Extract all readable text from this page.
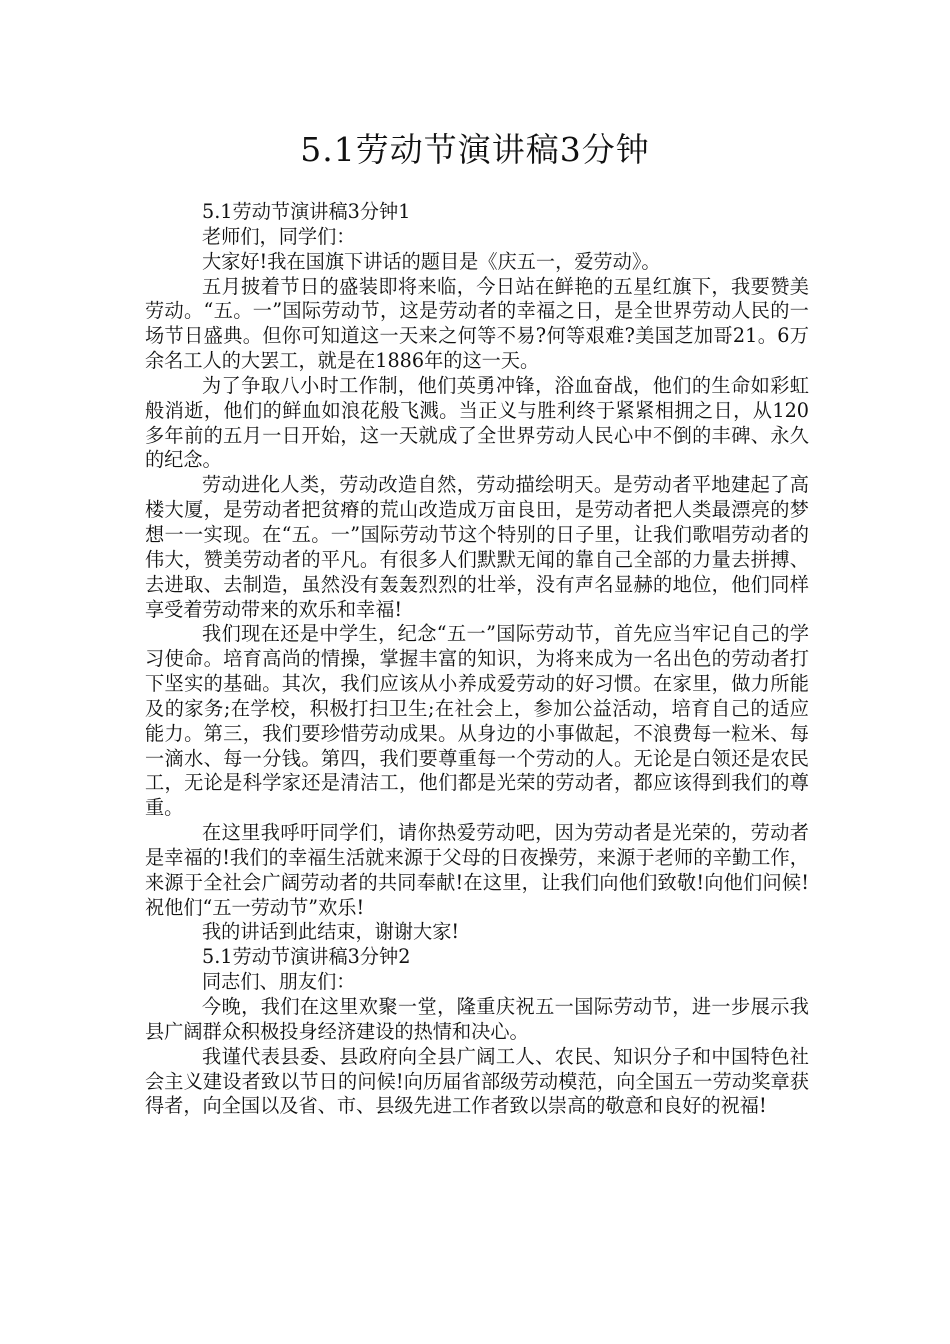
5.1劳动节演讲稿3分钟

5.1劳动节演讲稿3分钟1

老师们，同学们：

大家好!我在国旗下讲话的题目是《庆五一，爱劳动》。

五月披着节日的盛装即将来临，今日站在鲜艳的五星红旗下，我要赞美劳动。“五。一”国际劳动节，这是劳动者的幸福之日，是全世界劳动人民的一场节日盛典。但你可知道这一天来之何等不易?何等艰难?美国芝加哥21。6万余名工人的大罢工，就是在1886年的这一天。

为了争取八小时工作制，他们英勇冲锋，浴血奋战，他们的生命如彩虹般消逝，他们的鲜血如浪花般飞溅。当正义与胜利终于紧紧相拥之日，从120多年前的五月一日开始，这一天就成了全世界劳动人民心中不倒的丰碑、永久的纪念。

劳动进化人类，劳动改造自然，劳动描绘明天。是劳动者平地建起了高楼大厦，是劳动者把贫瘠的荒山改造成万亩良田，是劳动者把人类最漂亮的梦想一一实现。在“五。一”国际劳动节这个特别的日子里，让我们歌唱劳动者的伟大，赞美劳动者的平凡。有很多人们默默无闻的靠自己全部的力量去拼搏、去进取、去制造，虽然没有轰轰烈烈的壮举，没有声名显赫的地位，他们同样享受着劳动带来的欢乐和幸福!

我们现在还是中学生，纪念“五一”国际劳动节，首先应当牢记自己的学习使命。培育高尚的情操，掌握丰富的知识，为将来成为一名出色的劳动者打下坚实的基础。其次，我们应该从小养成爱劳动的好习惯。在家里，做力所能及的家务;在学校，积极打扫卫生;在社会上，参加公益活动，培育自己的适应能力。第三，我们要珍惜劳动成果。从身边的小事做起，不浪费每一粒米、每一滴水、每一分钱。第四，我们要尊重每一个劳动的人。无论是白领还是农民工，无论是科学家还是清洁工，他们都是光荣的劳动者，都应该得到我们的尊重。

在这里我呼吁同学们，请你热爱劳动吧，因为劳动者是光荣的，劳动者是幸福的!我们的幸福生活就来源于父母的日夜操劳，来源于老师的辛勤工作，来源于全社会广阔劳动者的共同奉献!在这里，让我们向他们致敬!向他们问候!祝他们“五一劳动节”欢乐!

我的讲话到此结束，谢谢大家!

5.1劳动节演讲稿3分钟2

同志们、朋友们：

今晚，我们在这里欢聚一堂，隆重庆祝五一国际劳动节，进一步展示我县广阔群众积极投身经济建设的热情和决心。

我谨代表县委、县政府向全县广阔工人、农民、知识分子和中国特色社会主义建设者致以节日的问候!向历届省部级劳动模范，向全国五一劳动奖章获得者，向全国以及省、市、县级先进工作者致以崇高的敬意和良好的祝福!
